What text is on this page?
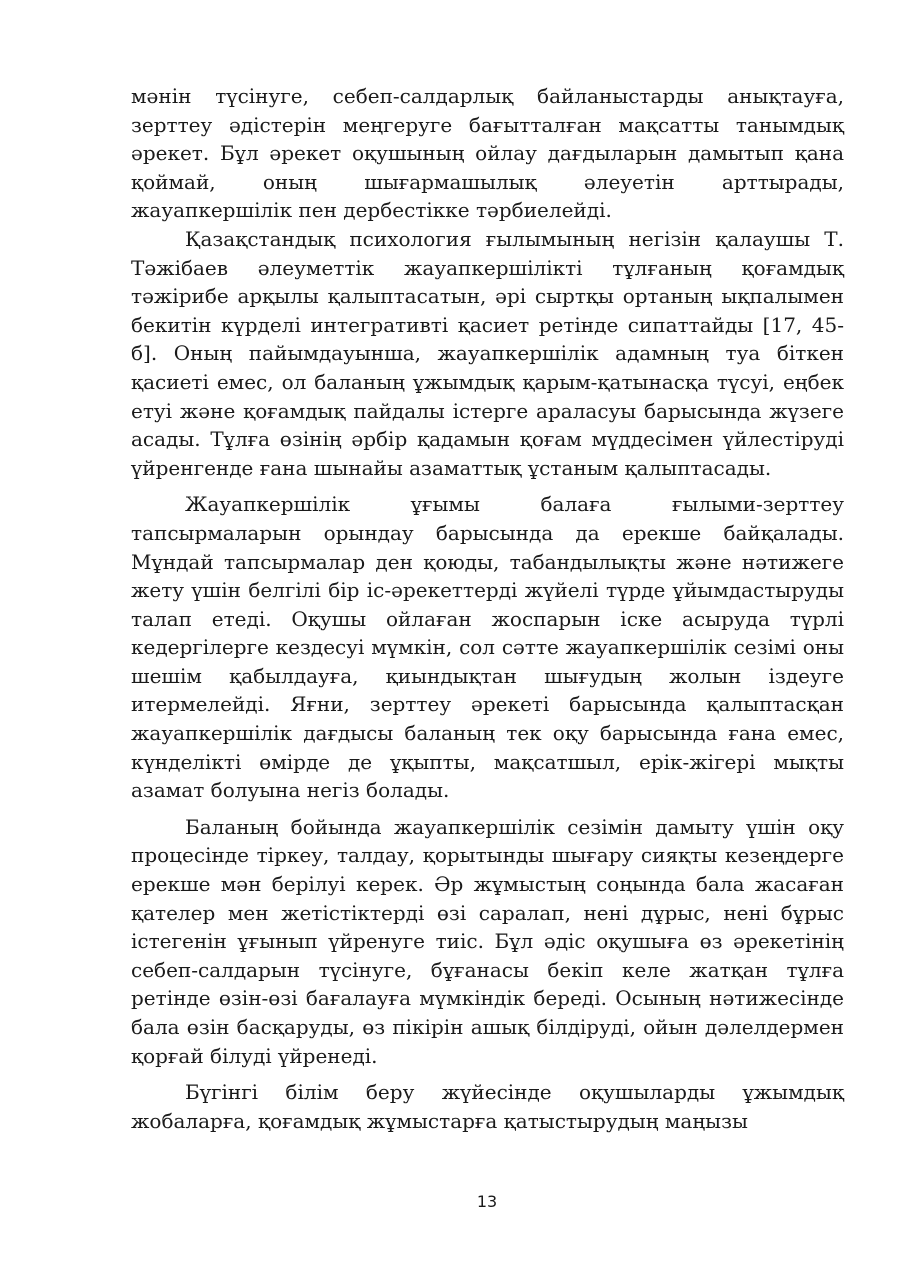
мәнін түсінуге, себеп-салдарлық байланыстарды анықтауға, зерттеу әдістерін меңгеруге бағытталған мақсатты танымдық әрекет. Бұл әрекет оқушының ойлау дағдыларын дамытып қана қоймай, оның шығармашылық әлеуетін арттырады, жауапкершілік пен дербестікке тәрбиелейді.

Қазақстандық психология ғылымының негізін қалаушы Т. Тәжібаев әлеуметтік жауапкершілікті тұлғаның қоғамдық тәжірибе арқылы қалыптасатын, әрі сыртқы ортаның ықпалымен бекитін күрделі интегративті қасиет ретінде сипаттайды [17, 45-б]. Оның пайымдауынша, жауапкершілік адамның туа біткен қасиеті емес, ол баланың ұжымдық қарым-қатынасқа түсуі, еңбек етуі және қоғамдық пайдалы істерге араласуы барысында жүзеге асады. Тұлға өзінің әрбір қадамын қоғам мүддесімен үйлестіруді үйренгенде ғана шынайы азаматтық ұстаным қалыптасады.

Жауапкершілік ұғымы балаға ғылыми-зерттеу тапсырмаларын орындау барысында да ерекше байқалады. Мұндай тапсырмалар ден қоюды, табандылықты және нәтижеге жету үшін белгілі бір іс-әрекеттерді жүйелі түрде ұйымдастыруды талап етеді. Оқушы ойлаған жоспарын іске асыруда түрлі кедергілерге кездесуі мүмкін, сол сәтте жауапкершілік сезімі оны шешім қабылдауға, қиындықтан шығудың жолын іздеуге итермелейді. Яғни, зерттеу әрекеті барысында қалыптасқан жауапкершілік дағдысы баланың тек оқу барысында ғана емес, күнделікті өмірде де ұқыпты, мақсатшыл, ерік-жігері мықты азамат болуына негіз болады.

Баланың бойында жауапкершілік сезімін дамыту үшін оқу процесінде тіркеу, талдау, қорытынды шығару сияқты кезеңдерге ерекше мән берілуі керек. Әр жұмыстың соңында бала жасаған қателер мен жетістіктерді өзі саралап, нені дұрыс, нені бұрыс істегенін ұғынып үйренуге тиіс. Бұл әдіс оқушыға өз әрекетінің себеп-салдарын түсінуге, бұғанасы бекіп келе жатқан тұлға ретінде өзін-өзі бағалауға мүмкіндік береді. Осының нәтижесінде бала өзін басқаруды, өз пікірін ашық білдіруді, ойын дәлелдермен қорғай білуді үйренеді.

Бүгінгі білім беру жүйесінде оқушыларды ұжымдық жобаларға, қоғамдық жұмыстарға қатыстырудың маңызы

13
